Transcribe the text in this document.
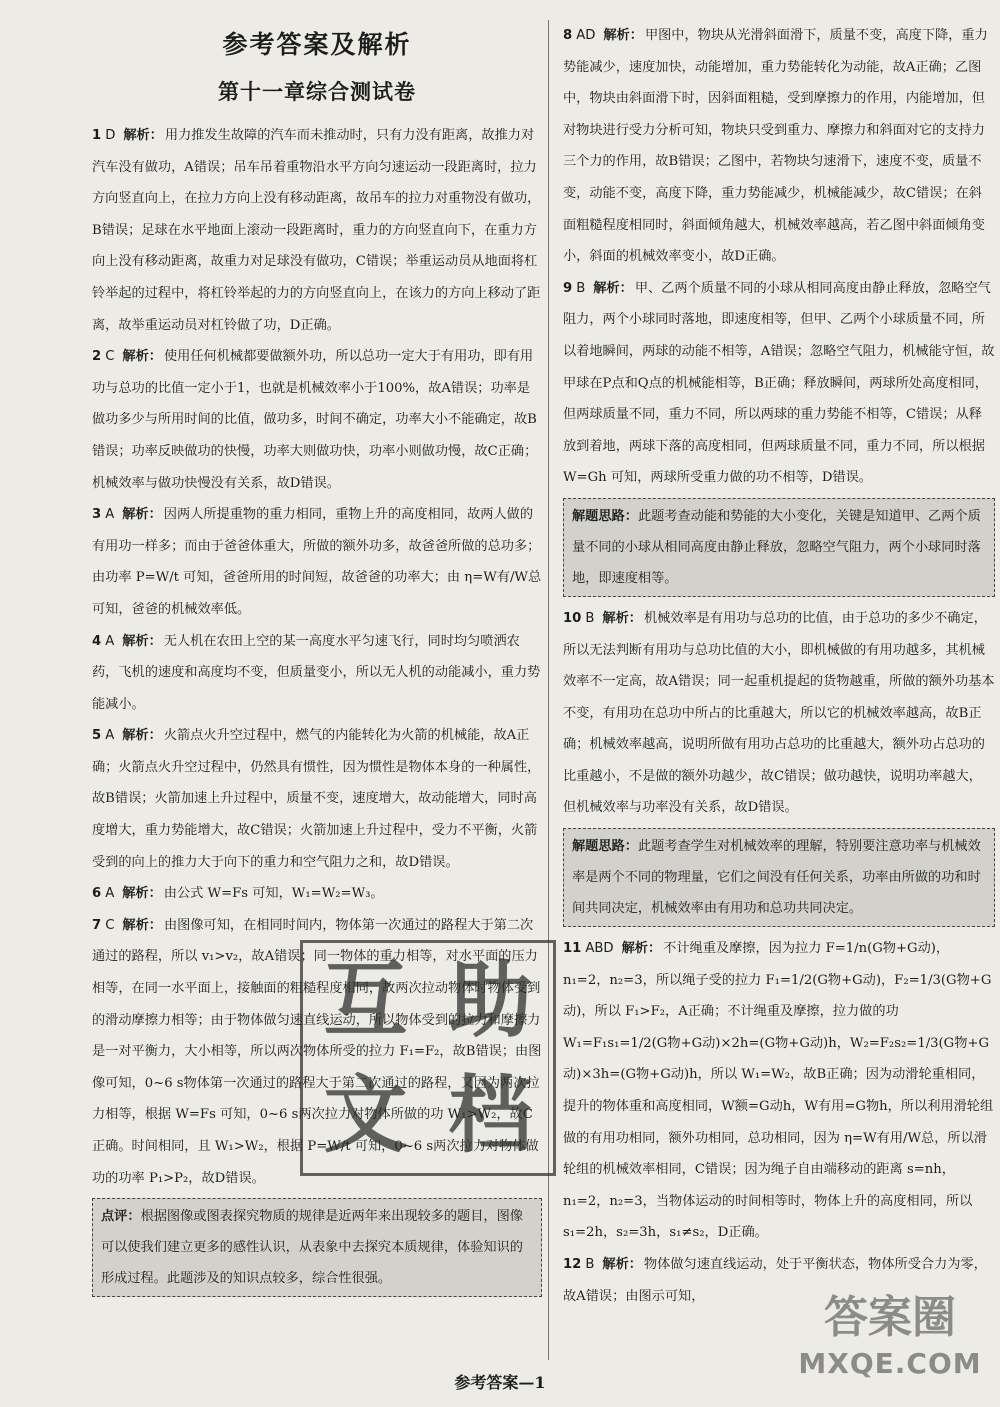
参考答案及解析
第十一章综合测试卷

1 D 解析： 用力推发生故障的汽车而未推动时，只有力没有距离，故推力对汽车没有做功，A错误；吊车吊着重物沿水平方向匀速运动一段距离时，拉力方向竖直向上，在拉力方向上没有移动距离，故吊车的拉力对重物没有做功，B错误；足球在水平地面上滚动一段距离时，重力的方向竖直向下，在重力方向上没有移动距离，故重力对足球没有做功，C错误；举重运动员从地面将杠铃举起的过程中，将杠铃举起的力的方向竖直向上，在该力的方向上移动了距离，故举重运动员对杠铃做了功，D正确。

2 C 解析： 使用任何机械都要做额外功，所以总功一定大于有用功，即有用功与总功的比值一定小于1，也就是机械效率小于100%，故A错误；功率是做功多少与所用时间的比值，做功多，时间不确定，功率大小不能确定，故B错误；功率反映做功的快慢，功率大则做功快，功率小则做功慢，故C正确；机械效率与做功快慢没有关系，故D错误。

3 A 解析： 因两人所提重物的重力相同，重物上升的高度相同，故两人做的有用功一样多；而由于爸爸体重大，所做的额外功多，故爸爸所做的总功多；由功率 P=W/t 可知，爸爸所用的时间短，故爸爸的功率大；由 η=W有/W总 可知，爸爸的机械效率低。

4 A 解析： 无人机在农田上空的某一高度水平匀速飞行，同时均匀喷洒农药，飞机的速度和高度均不变，但质量变小，所以无人机的动能减小，重力势能减小。

5 A 解析： 火箭点火升空过程中，燃气的内能转化为火箭的机械能，故A正确；火箭点火升空过程中，仍然具有惯性，因为惯性是物体本身的一种属性，故B错误；火箭加速上升过程中，质量不变，速度增大，故动能增大，同时高度增大，重力势能增大，故C错误；火箭加速上升过程中，受力不平衡，火箭受到的向上的推力大于向下的重力和空气阻力之和，故D错误。

6 A 解析： 由公式 W=Fs 可知，W₁=W₂=W₃。

7 C 解析： 由图像可知，在相同时间内，物体第一次通过的路程大于第二次通过的路程，所以 v₁>v₂，故A错误；同一物体的重力相等，对水平面的压力相等，在同一水平面上，接触面的粗糙程度相同，故两次拉动物体时物体受到的滑动摩擦力相等；由于物体做匀速直线运动，所以物体受到的拉力和摩擦力是一对平衡力，大小相等，所以两次物体所受的拉力 F₁=F₂，故B错误；由图像可知，0~6 s物体第一次通过的路程大于第二次通过的路程，又因为两次拉力相等，根据 W=Fs 可知，0~6 s两次拉力对物体所做的功 W₁>W₂，故C正确。时间相同，且 W₁>W₂，根据 P=W/t 可知，0~6 s两次拉力对物体做功的功率 P₁>P₂，故D错误。

点评：根据图像或图表探究物质的规律是近两年来出现较多的题目，图像可以使我们建立更多的感性认识，从表象中去探究本质规律，体验知识的形成过程。此题涉及的知识点较多，综合性很强。

8 AD 解析： 甲图中，物块从光滑斜面滑下，质量不变，高度下降，重力势能减少，速度加快，动能增加，重力势能转化为动能，故A正确；乙图中，物块由斜面滑下时，因斜面粗糙，受到摩擦力的作用，内能增加，但对物块进行受力分析可知，物块只受到重力、摩擦力和斜面对它的支持力三个力的作用，故B错误；乙图中，若物块匀速滑下，速度不变，质量不变，动能不变，高度下降，重力势能减少，机械能减少，故C错误；在斜面粗糙程度相同时，斜面倾角越大，机械效率越高，若乙图中斜面倾角变小，斜面的机械效率变小，故D正确。

9 B 解析： 甲、乙两个质量不同的小球从相同高度由静止释放，忽略空气阻力，两个小球同时落地，即速度相等，但甲、乙两个小球质量不同，所以着地瞬间，两球的动能不相等，A错误；忽略空气阻力，机械能守恒，故甲球在P点和Q点的机械能相等，B正确；释放瞬间，两球所处高度相同，但两球质量不同，重力不同，所以两球的重力势能不相等，C错误；从释放到着地，两球下落的高度相同，但两球质量不同，重力不同，所以根据 W=Gh 可知，两球所受重力做的功不相等，D错误。

解题思路：此题考查动能和势能的大小变化，关键是知道甲、乙两个质量不同的小球从相同高度由静止释放，忽略空气阻力，两个小球同时落地，即速度相等。

10 B 解析： 机械效率是有用功与总功的比值，由于总功的多少不确定，所以无法判断有用功与总功比值的大小，即机械做的有用功越多，其机械效率不一定高，故A错误；同一起重机提起的货物越重，所做的额外功基本不变，有用功在总功中所占的比重越大，所以它的机械效率越高，故B正确；机械效率越高，说明所做有用功占总功的比重越大，额外功占总功的比重越小，不是做的额外功越少，故C错误；做功越快，说明功率越大，但机械效率与功率没有关系，故D错误。

解题思路：此题考查学生对机械效率的理解，特别要注意功率与机械效率是两个不同的物理量，它们之间没有任何关系，功率由所做的功和时间共同决定，机械效率由有用功和总功共同决定。

11 ABD 解析： 不计绳重及摩擦，因为拉力 F=1/n(G物+G动)，n₁=2，n₂=3，所以绳子受的拉力 F₁=1/2(G物+G动)，F₂=1/3(G物+G动)，所以 F₁>F₂，A正确；不计绳重及摩擦，拉力做的功 W₁=F₁s₁=1/2(G物+G动)×2h=(G物+G动)h，W₂=F₂s₂=1/3(G物+G动)×3h=(G物+G动)h，所以 W₁=W₂，故B正确；因为动滑轮重相同，提升的物体重和高度相同，W额=G动h，W有用=G物h，所以利用滑轮组做的有用功相同，额外功相同，总功相同，因为 η=W有用/W总，所以滑轮组的机械效率相同，C错误；因为绳子自由端移动的距离 s=nh，n₁=2，n₂=3，当物体运动的时间相等时，物体上升的高度相同，所以 s₁=2h，s₂=3h，s₁≠s₂，D正确。

12 B 解析： 物体做匀速直线运动，处于平衡状态，物体所受合力为零，故A错误；由图示可知，

互 助
文 档
答案圈
MXQE.COM
参考答案—1
